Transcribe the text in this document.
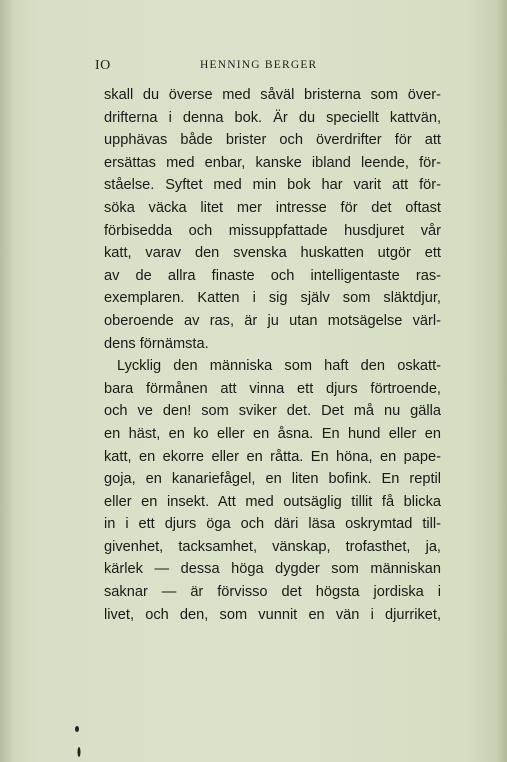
IO	HENNING BERGER
skall du överse med såväl bristerna som över-
drifterna i denna bok. Är du speciellt kattvän,
upphävas både brister och överdrifter för att
ersättas med enbar, kanske ibland leende, för-
ståelse. Syftet med min bok har varit att för-
söka väcka litet mer intresse för det oftast
förbisedda och missuppfattade husdjuret vår
katt, varav den svenska huskatten utgör ett
av de allra finaste och intelligentaste ras-
exemplaren. Katten i sig själv som släktdjur,
oberoende av ras, är ju utan motsägelse värl-
dens förnämsta.
Lycklig den människa som haft den oskatt-
bara förmånen att vinna ett djurs förtroende,
och ve den! som sviker det. Det må nu gälla
en häst, en ko eller en åsna. En hund eller en
katt, en ekorre eller en råtta. En höna, en pape-
goja, en kanariefågel, en liten bofink. En reptil
eller en insekt. Att med outsäglig tillit få blicka
in i ett djurs öga och däri läsa oskrymtad till-
givenhet, tacksamhet, vänskap, trofasthet, ja,
kärlek — dessa höga dygder som människan
saknar — är förvisso det högsta jordiska i
livet, och den, som vunnit en vän i djurriket,
